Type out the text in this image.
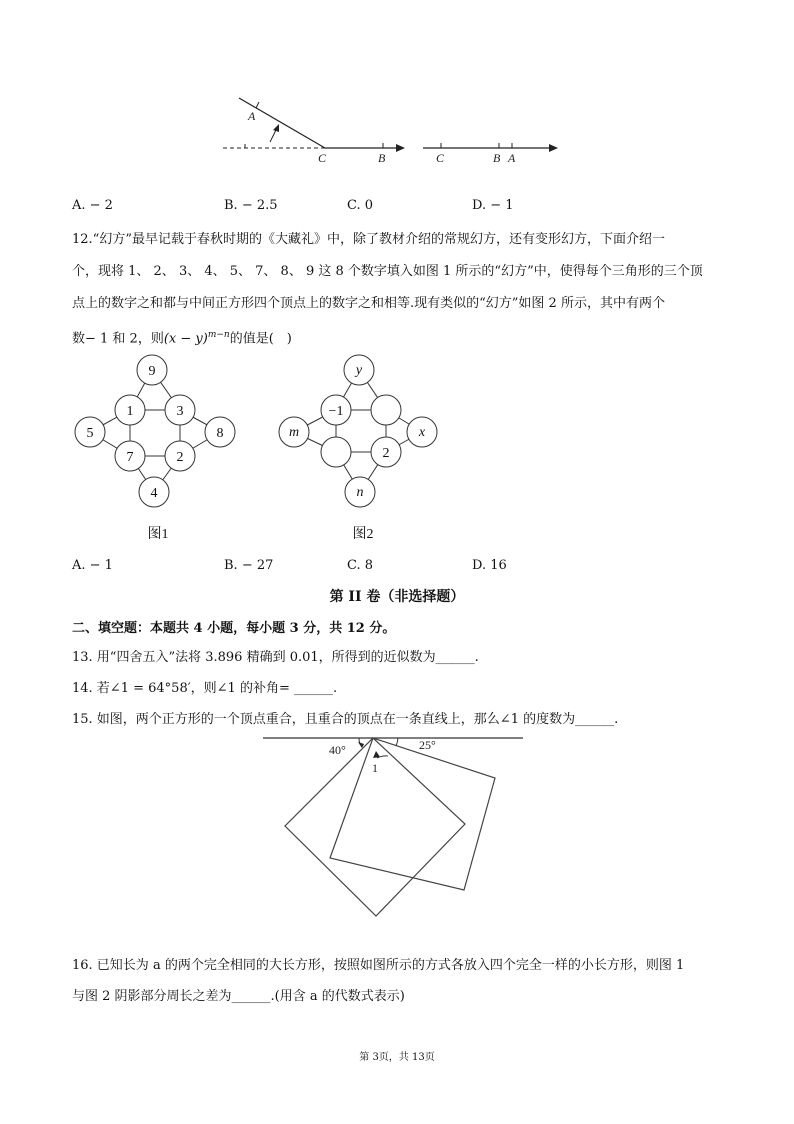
A
C	B	C	B A
A. − 2	B. − 2.5	C. 0	D. − 1
12.“幻方”最早记载于春秋时期的《大藏礼》中，除了教材介绍的常规幻方，还有变形幻方，下面介绍一
个，现将 1、 2、 3、 4、 5、 7、 8、 9 这 8 个数字填入如图 1 所示的“幻方”中，使得每个三角形的三个顶
点上的数字之和都与中间正方形四个顶点上的数字之和相等.现有类似的“幻方”如图 2 所示，其中有两个
数− 1 和 2，则$(x - y)^{m-n}$的值是(　)
9
1	3
5	8
7	2
4
图1
y
−1
m	x
2
n
图2
A. − 1	B. − 27	C. 8	D. 16
第 II 卷（非选择题）
二、填空题：本题共 4 小题，每小题 3 分，共 12 分。
13. 用“四舍五入”法将 3.896 精确到 0.01，所得到的近似数为______.
14. 若∠1 = 64°58′，则∠1 的补角= ______.
15. 如图，两个正方形的一个顶点重合，且重合的顶点在一条直线上，那么∠1 的度数为______.
40°	25°
1
16. 已知长为 a 的两个完全相同的大长方形，按照如图所示的方式各放入四个完全一样的小长方形，则图 1
与图 2 阴影部分周长之差为______.(用含 a 的代数式表示)
第 3页，共 13页
